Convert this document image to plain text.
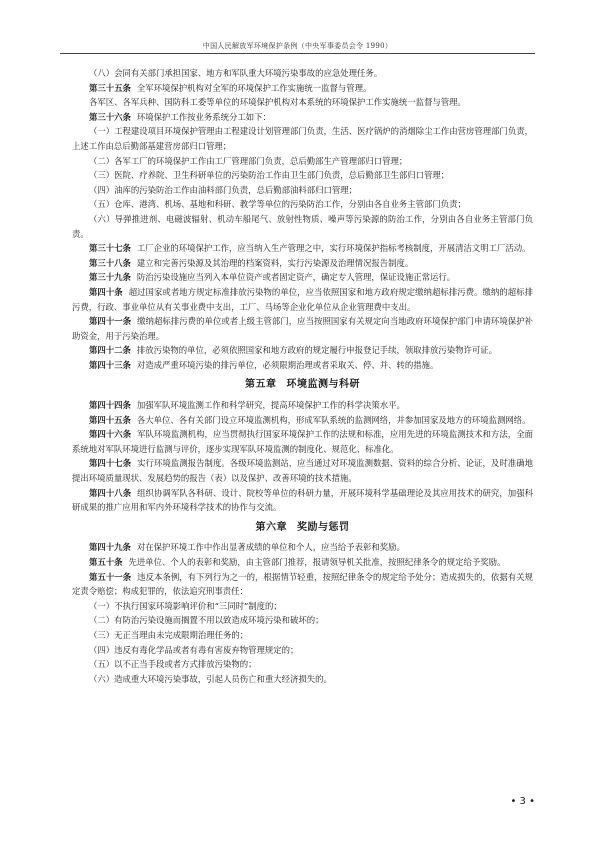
中国人民解放军环境保护条例（中央军事委员会令 1990）

（八）会同有关部门承担国家、地方和军队重大环境污染事故的应急处理任务。

第三十五条 全军环境保护机构对全军的环境保护工作实施统一监督与管理。

各军区、各军兵种、国防科工委等单位的环境保护机构对本系统的环境保护工作实施统一监督与管理。

第三十六条 环境保护工作按业务系统分工如下：

（一）工程建设项目环境保护管理由工程建设计划管理部门负责，生活、医疗锅炉的消烟除尘工作由营房管理部门负责，上述工作由总后勤部基建营房部归口管理；

（二）各军工厂的环境保护工作由工厂管理部门负责，总后勤部生产管理部归口管理；

（三）医院、疗养院、卫生科研单位的污染防治工作由卫生部门负责，总后勤部卫生部归口管理；

（四）油库的污染防治工作由油料部门负责，总后勤部油料部归口管理；

（五）仓库、港湾、机场、基地和科研、教学等单位的污染防治工作，分别由各自业务主管部门负责；

（六）导弹推进剂、电磁波辐射、机动车船尾气、放射性物质、噪声等污染源的防治工作，分别由各自业务主管部门负责。

第三十七条 工厂企业的环境保护工作，应当纳入生产管理之中，实行环境保护指标考核制度，开展清洁文明工厂活动。

第三十八条 建立和完善污染源及其治理的档案资料，实行污染源及治理情况报告制度。

第三十九条 防治污染设施应当列入本单位资产或者固定资产，确定专人管理，保证设施正常运行。

第四十条 超过国家或者地方规定标准排放污染物的单位，应当依照国家和地方政府规定缴纳超标排污费。缴纳的超标排污费，行政、事业单位从有关事业费中支出，工厂、马场等企业化单位从企业管理费中支出。

第四十一条 缴纳超标排污费的单位或者上级主管部门，应当按照国家有关规定向当地政府环境保护部门申请环境保护补助资金，用于污染治理。

第四十二条 排放污染物的单位，必须依照国家和地方政府的规定履行申报登记手续，领取排放污染物许可证。

第四十三条 对造成严重环境污染的排污单位，必须限期治理或者采取关、停、并、转的措施。

第五章 环境监测与科研

第四十四条 加强军队环境监测工作和科学研究，提高环境保护工作的科学决策水平。

第四十五条 各大单位、各有关部门设立环境监测机构，形成军队系统的监测网络，并参加国家及地方的环境监测网络。

第四十六条 军队环境监测机构，应当贯彻执行国家环境保护工作的法规和标准，应用先进的环境监测技术和方法，全面系统地对军队环境进行监测与评价，逐步实现军队环境监测的制度化、规范化、标准化。

第四十七条 实行环境监测报告制度。各级环境监测站，应当通过对环境监测数据、资料的综合分析、论证，及时准确地提出环境质量现状、发展趋势的报告（表）以及保护、改善环境的技术措施。

第四十八条 组织协调军队各科研、设计、院校等单位的科研力量，开展环境科学基础理论及其应用技术的研究，加强科研成果的推广应用和军内外环境科学技术的协作与交流。

第六章 奖励与惩罚

第四十九条 对在保护环境工作中作出显著成绩的单位和个人，应当给予表彰和奖励。

第五十条 先进单位、个人的表彰和奖励，由主管部门推荐，报请领导机关批准，按照纪律条令的规定给予奖励。

第五十一条 违反本条例，有下列行为之一的，根据情节轻重，按照纪律条令的规定给予处分；造成损失的，依据有关规定责令赔偿；构成犯罪的，依法追究刑事责任：

（一）不执行国家环境影响评价和“三同时”制度的；

（二）有防治污染设施而搁置不用以致造成环境污染和破坏的；

（三）无正当理由未完成限期治理任务的；

（四）违反有毒化学品或者有毒有害废弃物管理规定的；

（五）以不正当手段或者方式排放污染物的；

（六）造成重大环境污染事故，引起人员伤亡和重大经济损失的。

• 3 •
